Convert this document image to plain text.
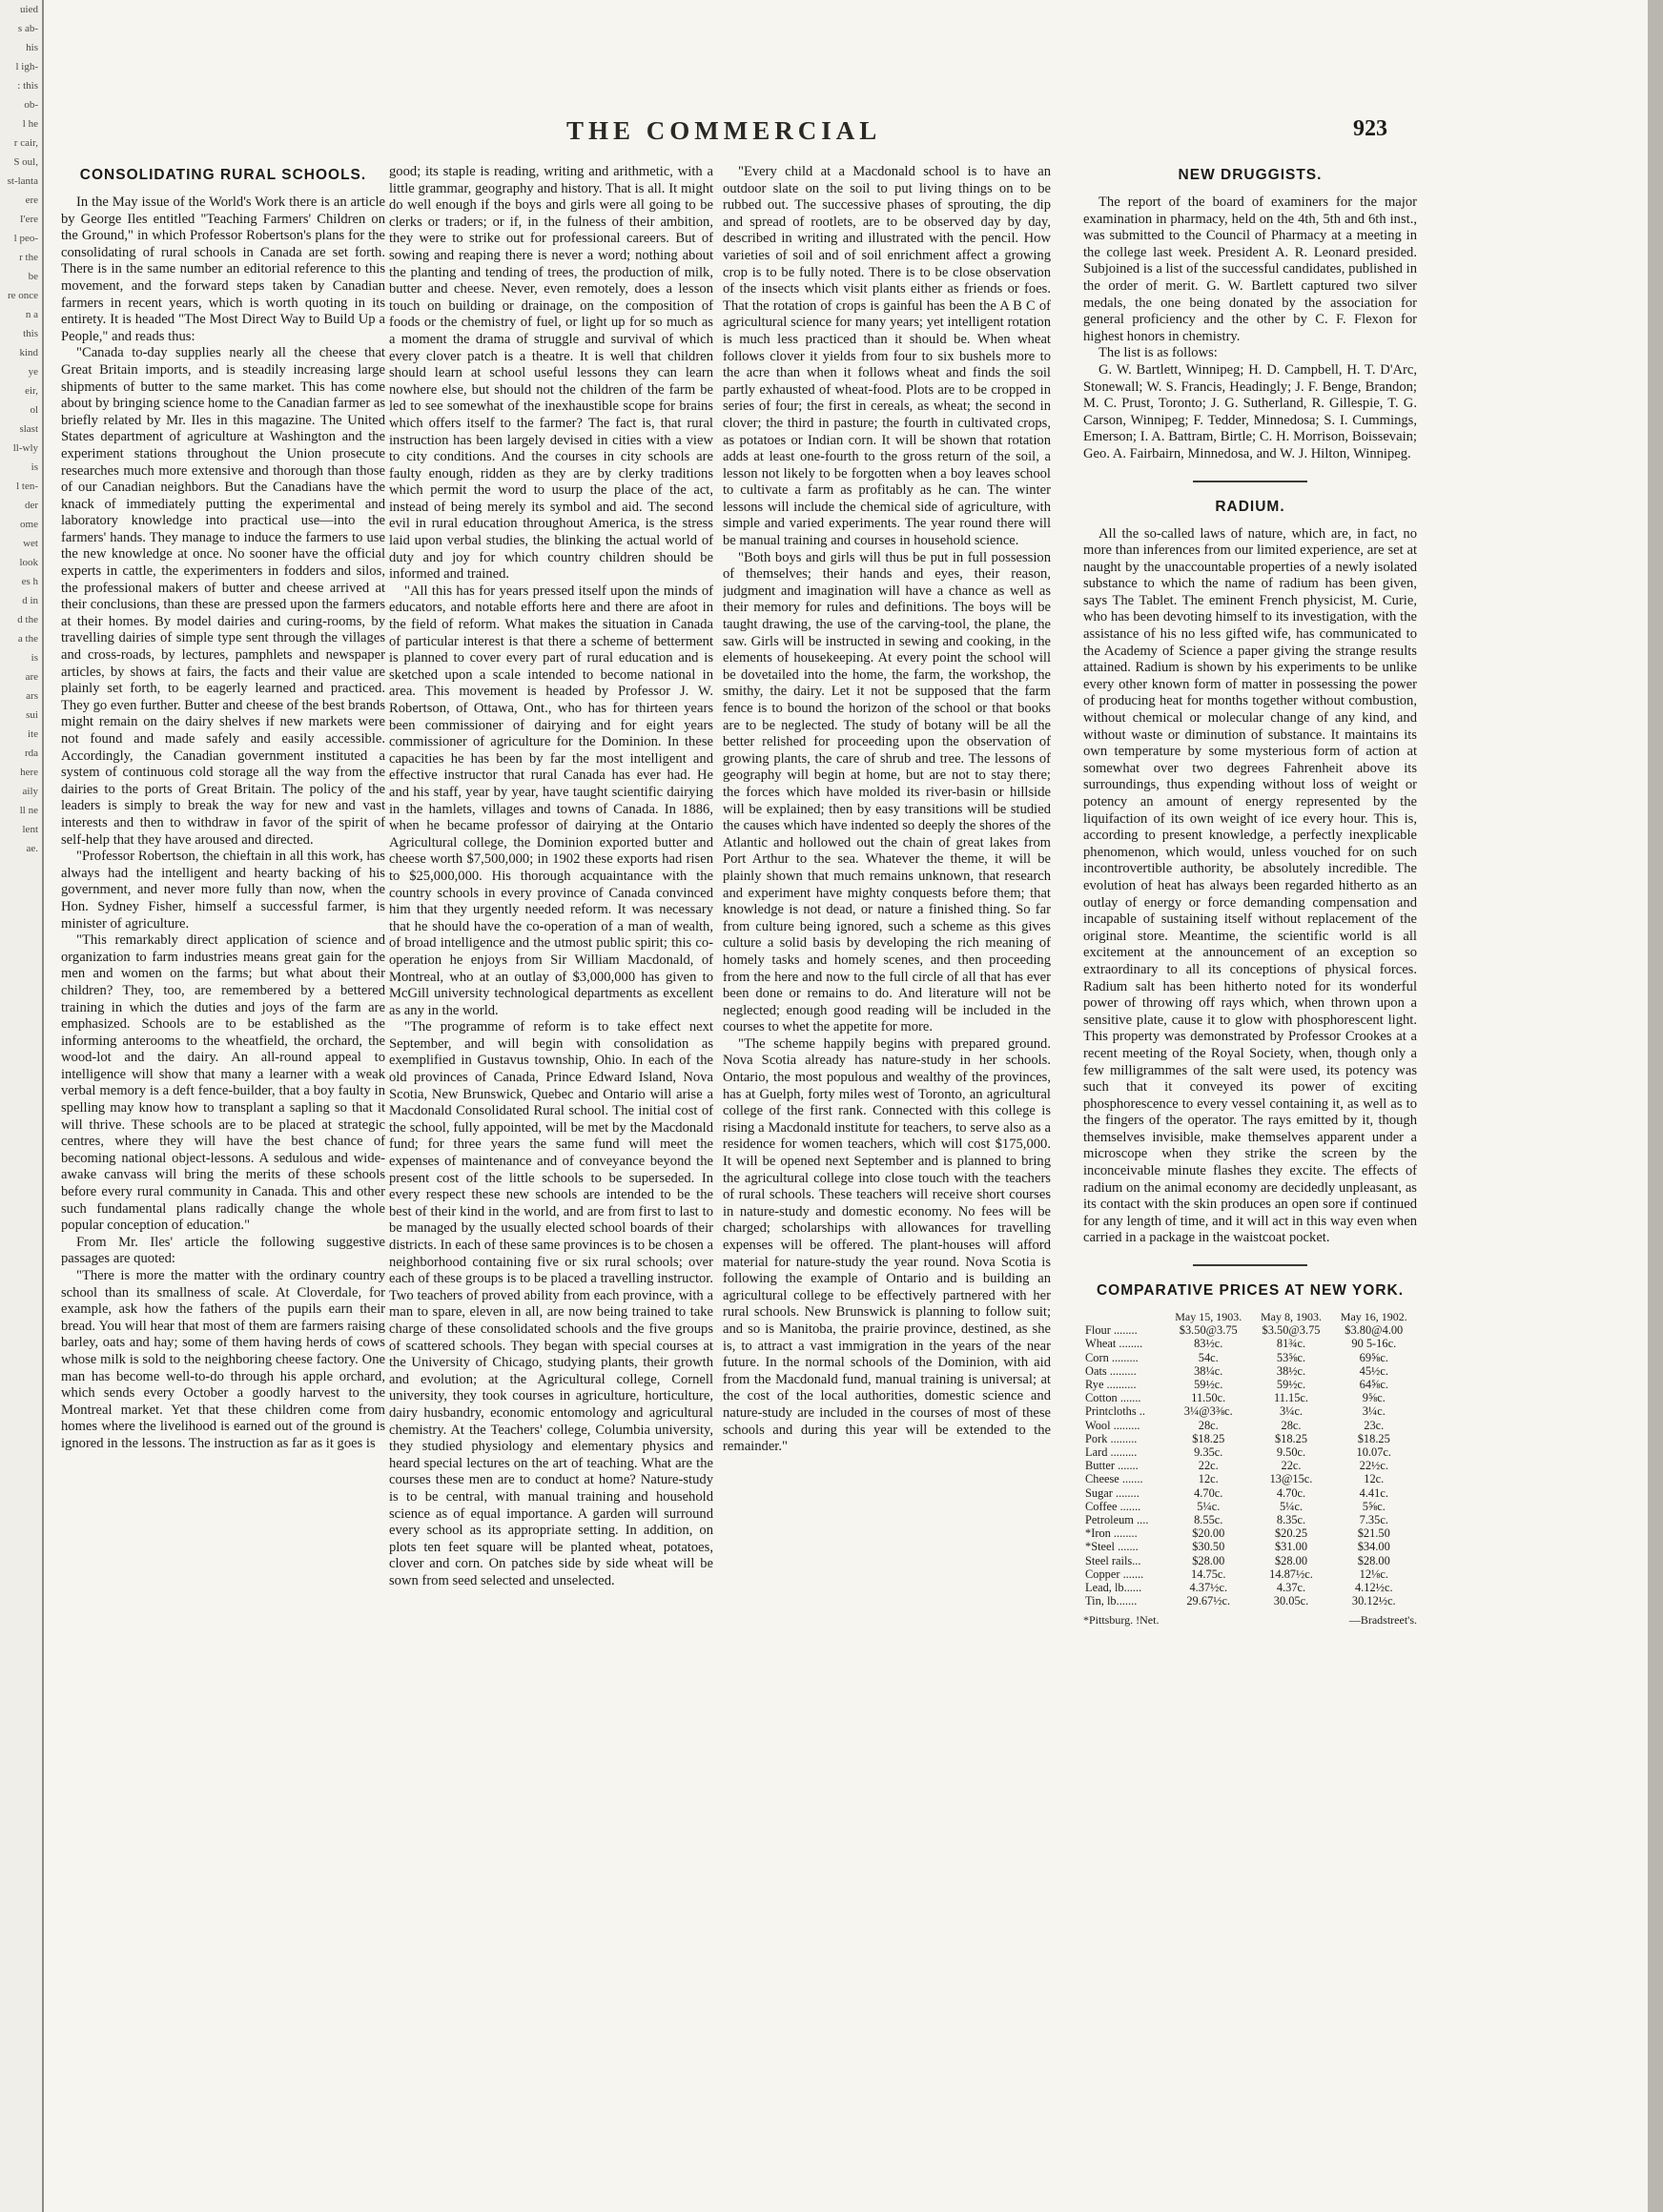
uied
s ab-
his
l igh-
: this
ob-
l he
r cair,
S oul,
st-lanta
ere
I'ere
l peo-
r the
be
re once
n a
this
kind
ye
eir,
ol
slast
ll-wly
is
l ten-
der
ome
wet
look
es h
d in
d the
a the
is
are
ars
sui
ite
rda
here
aily
ll ne
lent
ae.
THE COMMERCIAL	923
CONSOLIDATING RURAL SCHOOLS.

In the May issue of the World's Work there is an article by George Iles entitled "Teaching Farmers' Children on the Ground," in which Professor Robertson's plans for the consolidating of rural schools in Canada are set forth. There is in the same number an editorial reference to this movement, and the forward steps taken by Canadian farmers in recent years, which is worth quoting in its entirety. It is headed "The Most Direct Way to Build Up a People," and reads thus:

"Canada to-day supplies nearly all the cheese that Great Britain imports, and is steadily increasing large shipments of butter to the same market. This has come about by bringing science home to the Canadian farmer as briefly related by Mr. Iles in this magazine. The United States department of agriculture at Washington and the experiment stations throughout the Union prosecute researches much more extensive and thorough than those of our Canadian neighbors. But the Canadians have the knack of immediately putting the experimental and laboratory knowledge into practical use—into the farmers' hands. They manage to induce the farmers to use the new knowledge at once. No sooner have the official experts in cattle, the experimenters in fodders and silos, the professional makers of butter and cheese arrived at their conclusions, than these are pressed upon the farmers at their homes. By model dairies and curing-rooms, by travelling dairies of simple type sent through the villages and cross-roads, by lectures, pamphlets and newspaper articles, by shows at fairs, the facts and their value are plainly set forth, to be eagerly learned and practiced. They go even further. Butter and cheese of the best brands might remain on the dairy shelves if new markets were not found and made safely and easily accessible. Accordingly, the Canadian government instituted a system of continuous cold storage all the way from the dairies to the ports of Great Britain. The policy of the leaders is simply to break the way for new and vast interests and then to withdraw in favor of the spirit of self-help that they have aroused and directed.

"Professor Robertson, the chieftain in all this work, has always had the intelligent and hearty backing of his government, and never more fully than now, when the Hon. Sydney Fisher, himself a successful farmer, is minister of agriculture.

"This remarkably direct application of science and organization to farm industries means great gain for the men and women on the farms; but what about their children? They, too, are remembered by a bettered training in which the duties and joys of the farm are emphasized. Schools are to be established as the informing anterooms to the wheatfield, the orchard, the wood-lot and the dairy. An all-round appeal to intelligence will show that many a learner with a weak verbal memory is a deft fence-builder, that a boy faulty in spelling may know how to transplant a sapling so that it will thrive. These schools are to be placed at strategic centres, where they will have the best chance of becoming national object-lessons. A sedulous and wide-awake canvass will bring the merits of these schools before every rural community in Canada. This and other such fundamental plans radically change the whole popular conception of education."

From Mr. Iles' article the following suggestive passages are quoted:

"There is more the matter with the ordinary country school than its smallness of scale. At Cloverdale, for example, ask how the fathers of the pupils earn their bread. You will hear that most of them are farmers raising barley, oats and hay; some of them having herds of cows whose milk is sold to the neighboring cheese factory. One man has become well-to-do through his apple orchard, which sends every October a goodly harvest to the Montreal market. Yet that these children come from homes where the livelihood is earned out of the ground is ignored in the lessons. The instruction as far as it goes is

good; its staple is reading, writing and arithmetic, with a little grammar, geography and history. That is all. It might do well enough if the boys and girls were all going to be clerks or traders; or if, in the fulness of their ambition, they were to strike out for professional careers. But of sowing and reaping there is never a word; nothing about the planting and tending of trees, the production of milk, butter and cheese. Never, even remotely, does a lesson touch on building or drainage, on the composition of foods or the chemistry of fuel, or light up for so much as a moment the drama of struggle and survival of which every clover patch is a theatre. It is well that children should learn at school useful lessons they can learn nowhere else, but should not the children of the farm be led to see somewhat of the inexhaustible scope for brains which offers itself to the farmer? The fact is, that rural instruction has been largely devised in cities with a view to city conditions. And the courses in city schools are faulty enough, ridden as they are by clerky traditions which permit the word to usurp the place of the act, instead of being merely its symbol and aid. The second evil in rural education throughout America, is the stress laid upon verbal studies, the blinking the actual world of duty and joy for which country children should be informed and trained.

"All this has for years pressed itself upon the minds of educators, and notable efforts here and there are afoot in the field of reform. What makes the situation in Canada of particular interest is that there a scheme of betterment is planned to cover every part of rural education and is sketched upon a scale intended to become national in area. This movement is headed by Professor J. W. Robertson, of Ottawa, Ont., who has for thirteen years been commissioner of dairying and for eight years commissioner of agriculture for the Dominion. In these capacities he has been by far the most intelligent and effective instructor that rural Canada has ever had. He and his staff, year by year, have taught scientific dairying in the hamlets, villages and towns of Canada. In 1886, when he became professor of dairying at the Ontario Agricultural college, the Dominion exported butter and cheese worth $7,500,000; in 1902 these exports had risen to $25,000,000. His thorough acquaintance with the country schools in every province of Canada convinced him that they urgently needed reform. It was necessary that he should have the co-operation of a man of wealth, of broad intelligence and the utmost public spirit; this co-operation he enjoys from Sir William Macdonald, of Montreal, who at an outlay of $3,000,000 has given to McGill university technological departments as excellent as any in the world.

"The programme of reform is to take effect next September, and will begin with consolidation as exemplified in Gustavus township, Ohio. In each of the old provinces of Canada, Prince Edward Island, Nova Scotia, New Brunswick, Quebec and Ontario will arise a Macdonald Consolidated Rural school. The initial cost of the school, fully appointed, will be met by the Macdonald fund; for three years the same fund will meet the expenses of maintenance and of conveyance beyond the present cost of the little schools to be superseded. In every respect these new schools are intended to be the best of their kind in the world, and are from first to last to be managed by the usually elected school boards of their districts. In each of these same provinces is to be chosen a neighborhood containing five or six rural schools; over each of these groups is to be placed a travelling instructor. Two teachers of proved ability from each province, with a man to spare, eleven in all, are now being trained to take charge of these consolidated schools and the five groups of scattered schools. They began with special courses at the University of Chicago, studying plants, their growth and evolution; at the Agricultural college, Cornell university, they took courses in agriculture, horticulture, dairy husbandry, economic entomology and agricultural chemistry. At the Teachers' college, Columbia university, they studied physiology and elementary physics and heard special lectures on the art of teaching. What are the courses these men are to conduct at home? Nature-study is to be central, with manual training and household science as of equal importance. A garden will surround every school as its appropriate setting. In addition, on plots ten feet square will be planted wheat, potatoes, clover and corn. On patches side by side wheat will be sown from seed selected and unselected.

"Every child at a Macdonald school is to have an outdoor slate on the soil to put living things on to be rubbed out. The successive phases of sprouting, the dip and spread of rootlets, are to be observed day by day, described in writing and illustrated with the pencil. How varieties of soil and of soil enrichment affect a growing crop is to be fully noted. There is to be close observation of the insects which visit plants either as friends or foes. That the rotation of crops is gainful has been the A B C of agricultural science for many years; yet intelligent rotation is much less practiced than it should be. When wheat follows clover it yields from four to six bushels more to the acre than when it follows wheat and finds the soil partly exhausted of wheat-food. Plots are to be cropped in series of four; the first in cereals, as wheat; the second in clover; the third in pasture; the fourth in cultivated crops, as potatoes or Indian corn. It will be shown that rotation adds at least one-fourth to the gross return of the soil, a lesson not likely to be forgotten when a boy leaves school to cultivate a farm as profitably as he can. The winter lessons will include the chemical side of agriculture, with simple and varied experiments. The year round there will be manual training and courses in household science.

"Both boys and girls will thus be put in full possession of themselves; their hands and eyes, their reason, judgment and imagination will have a chance as well as their memory for rules and definitions. The boys will be taught drawing, the use of the carving-tool, the plane, the saw. Girls will be instructed in sewing and cooking, in the elements of housekeeping. At every point the school will be dovetailed into the home, the farm, the workshop, the smithy, the dairy. Let it not be supposed that the farm fence is to bound the horizon of the school or that books are to be neglected. The study of botany will be all the better relished for proceeding upon the observation of growing plants, the care of shrub and tree. The lessons of geography will begin at home, but are not to stay there; the forces which have molded its river-basin or hillside will be explained; then by easy transitions will be studied the causes which have indented so deeply the shores of the Atlantic and hollowed out the chain of great lakes from Port Arthur to the sea. Whatever the theme, it will be plainly shown that much remains unknown, that research and experiment have mighty conquests before them; that knowledge is not dead, or nature a finished thing. So far from culture being ignored, such a scheme as this gives culture a solid basis by developing the rich meaning of homely tasks and homely scenes, and then proceeding from the here and now to the full circle of all that has ever been done or remains to do. And literature will not be neglected; enough good reading will be included in the courses to whet the appetite for more.

"The scheme happily begins with prepared ground. Nova Scotia already has nature-study in her schools. Ontario, the most populous and wealthy of the provinces, has at Guelph, forty miles west of Toronto, an agricultural college of the first rank. Connected with this college is rising a Macdonald institute for teachers, to serve also as a residence for women teachers, which will cost $175,000. It will be opened next September and is planned to bring the agricultural college into close touch with the teachers of rural schools. These teachers will receive short courses in nature-study and domestic economy. No fees will be charged; scholarships with allowances for travelling expenses will be offered. The plant-houses will afford material for nature-study the year round. Nova Scotia is following the example of Ontario and is building an agricultural college to be effectively partnered with her rural schools. New Brunswick is planning to follow suit; and so is Manitoba, the prairie province, destined, as she is, to attract a vast immigration in the years of the near future. In the normal schools of the Dominion, with aid from the Macdonald fund, manual training is universal; at the cost of the local authorities, domestic science and nature-study are included in the courses of most of these schools and during this year will be extended to the remainder."

NEW DRUGGISTS.

The report of the board of examiners for the major examination in pharmacy, held on the 4th, 5th and 6th inst., was submitted to the Council of Pharmacy at a meeting in the college last week. President A. R. Leonard presided. Subjoined is a list of the successful candidates, published in the order of merit. G. W. Bartlett captured two silver medals, the one being donated by the association for general proficiency and the other by C. F. Flexon for highest honors in chemistry.

The list is as follows:

G. W. Bartlett, Winnipeg; H. D. Campbell, H. T. D'Arc, Stonewall; W. S. Francis, Headingly; J. F. Benge, Brandon; M. C. Prust, Toronto; J. G. Sutherland, R. Gillespie, T. G. Carson, Winnipeg; F. Tedder, Minnedosa; S. I. Cummings, Emerson; I. A. Battram, Birtle; C. H. Morrison, Boissevain; Geo. A. Fairbairn, Minnedosa, and W. J. Hilton, Winnipeg.

RADIUM.

All the so-called laws of nature, which are, in fact, no more than inferences from our limited experience, are set at naught by the unaccountable properties of a newly isolated substance to which the name of radium has been given, says The Tablet. The eminent French physicist, M. Curie, who has been devoting himself to its investigation, with the assistance of his no less gifted wife, has communicated to the Academy of Science a paper giving the strange results attained. Radium is shown by his experiments to be unlike every other known form of matter in possessing the power of producing heat for months together without combustion, without chemical or molecular change of any kind, and without waste or diminution of substance. It maintains its own temperature by some mysterious form of action at somewhat over two degrees Fahrenheit above its surroundings, thus expending without loss of weight or potency an amount of energy represented by the liquifaction of its own weight of ice every hour. This is, according to present knowledge, a perfectly inexplicable phenomenon, which would, unless vouched for on such incontrovertible authority, be absolutely incredible. The evolution of heat has always been regarded hitherto as an outlay of energy or force demanding compensation and incapable of sustaining itself without replacement of the original store. Meantime, the scientific world is all excitement at the announcement of an exception so extraordinary to all its conceptions of physical forces. Radium salt has been hitherto noted for its wonderful power of throwing off rays which, when thrown upon a sensitive plate, cause it to glow with phosphorescent light. This property was demonstrated by Professor Crookes at a recent meeting of the Royal Society, when, though only a few milligrammes of the salt were used, its potency was such that it conveyed its power of exciting phosphorescence to every vessel containing it, as well as to the fingers of the operator. The rays emitted by it, though themselves invisible, make themselves apparent under a microscope when they strike the screen by the inconceivable minute flashes they excite. The effects of radium on the animal economy are decidedly unpleasant, as its contact with the skin produces an open sore if continued for any length of time, and it will act in this way even when carried in a package in the waistcoat pocket.

COMPARATIVE PRICES AT NEW YORK.
	May 15, 1903.	May 8, 1903.	May 16, 1902.
Flour ........	$3.50@3.75	$3.50@3.75	$3.80@4.00
Wheat ........	83½c.	81¾c.	90 5-16c.
Corn .........	54c.	53⅝c.	69⅝c.
Oats .........	38¼c.	38½c.	45½c.
Rye ..........	59½c.	59½c.	64⅝c.
Cotton .......	11.50c.	11.15c.	9⅝c.
Printcloths ..	3¼@3⅜c.	3¼c.	3¼c.
Wool .........	28c.	28c.	23c.
Pork .........	$18.25	$18.25	$18.25
Lard .........	9.35c.	9.50c.	10.07c.
Butter .......	22c.	22c.	22½c.
Cheese .......	12c.	13@15c.	12c.
Sugar ........	4.70c.	4.70c.	4.41c.
Coffee .......	5¼c.	5¼c.	5⅝c.
Petroleum ....	8.55c.	8.35c.	7.35c.
*Iron ........	$20.00	$20.25	$21.50
*Steel .......	$30.50	$31.00	$34.00
Steel rails...	$28.00	$28.00	$28.00
Copper .......	14.75c.	14.87½c.	12⅛c.
Lead, lb......	4.37½c.	4.37c.	4.12½c.
Tin, lb.......	29.67½c.	30.05c.	30.12½c.
*Pittsburg. !Net.	—Bradstreet's.
